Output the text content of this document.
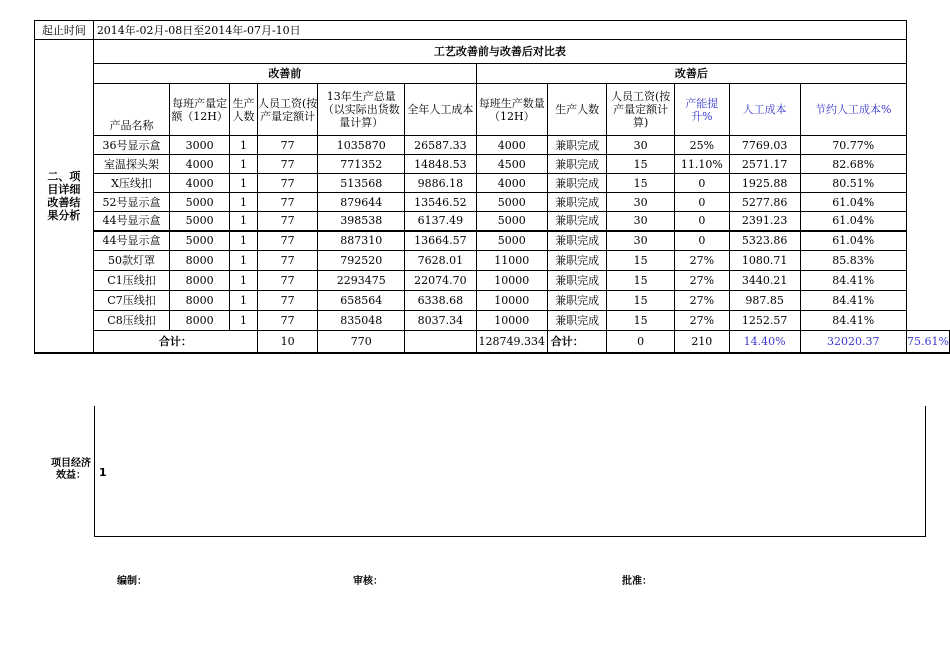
起止时间	2014年-02月-08日至2014年-07月-10日												
二、项目详细改善结果分析	工艺改善前与改善后对比表												
	改善前						改善后						
	产品名称	每班产量定额（12H）	生产人数	人员工资(按产量定额计	13年生产总量（以实际出货数量计算）	全年人工成本	每班生产数量（12H）	生产人数	人员工资(按产量定额计算)	产能提升%	人工成本	节约人工成本%	
	36号显示盒	3000	1	77	1035870	26587.33	4000	兼职完成	30	25%	7769.03	70.77%	
	室温探头架	4000	1	77	771352	14848.53	4500	兼职完成	15	11.10%	2571.17	82.68%	
	X压线扣	4000	1	77	513568	9886.18	4000	兼职完成	15	0	1925.88	80.51%	
	52号显示盒	5000	1	77	879644	13546.52	5000	兼职完成	30	0	5277.86	61.04%	
	44号显示盒	5000	1	77	398538	6137.49	5000	兼职完成	30	0	2391.23	61.04%	
	44号显示盒	5000	1	77	887310	13664.57	5000	兼职完成	30	0	5323.86	61.04%	
	50款灯罩	8000	1	77	792520	7628.01	11000	兼职完成	15	27%	1080.71	85.83%	
	C1压线扣	8000	1	77	2293475	22074.70	10000	兼职完成	15	27%	3440.21	84.41%	
	C7压线扣	8000	1	77	658564	6338.68	10000	兼职完成	15	27%	987.85	84.41%	
	C8压线扣	8000	1	77	835048	8037.34	10000	兼职完成	15	27%	1252.57	84.41%	
	合计：			10	770		128749.334	合计：	0	210	14.40%	32020.37	75.61%
1
项目经济效益：
编制：	审核：	批准：
